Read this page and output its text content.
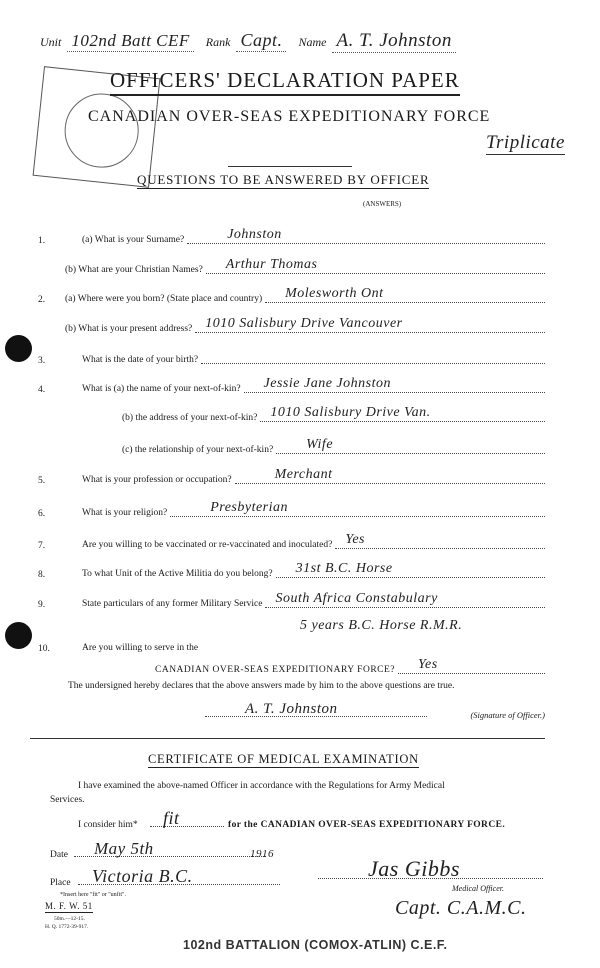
Unit 102nd Batt CEF	Rank Capt.	Name A. T. Johnston
OFFICERS' DECLARATION PAPER
CANADIAN OVER-SEAS EXPEDITIONARY FORCE
Triplicate
QUESTIONS TO BE ANSWERED BY OFFICER
(ANSWERS)
1.	(a) What is your Surname?	Johnston
(b) What are your Christian Names?	Arthur Thomas
2. (a) Where were you born? (State place and country)	Molesworth Ont
(b) What is your present address? 1010 Salisbury Drive Vancouver
3.	What is the date of your birth?
4.	What is (a) the name of your next-of-kin?	Jessie Jane Johnston
(b) the address of your next-of-kin? 1010 Salisbury Drive Van.
(c) the relationship of your next-of-kin?	Wife
5.	What is your profession or occupation?	Merchant
6.	What is your religion?	Presbyterian
7.	Are you willing to be vaccinated or re-vaccinated and inoculated? Yes
8.	To what Unit of the Active Militia do you belong?	31st B.C. Horse
9.	State particulars of any former Military Service South Africa Constabulary
5 years B.C. Horse R.M.R.
10.	Are you willing to serve in the
CANADIAN OVER-SEAS EXPEDITIONARY FORCE?	Yes
The undersigned hereby declares that the above answers made by him to the above questions are true.
A. T. Johnston	(Signature of Officer.)
CERTIFICATE OF MEDICAL EXAMINATION
I have examined the above-named Officer in accordance with the Regulations for Army Medical
Services.
I consider him* fit	for the CANADIAN OVER-SEAS EXPEDITIONARY FORCE.
Date May 5th	1916
Place Victoria B.C.
*Insert here "fit" or "unfit".
Jas Gibbs
Medical Officer.
Capt. C.A.M.C.
M. F. W. 51
50m.—12-15.
H. Q. 1772-39-917.
102nd BATTALION (COMOX-ATLIN) C.E.F.
